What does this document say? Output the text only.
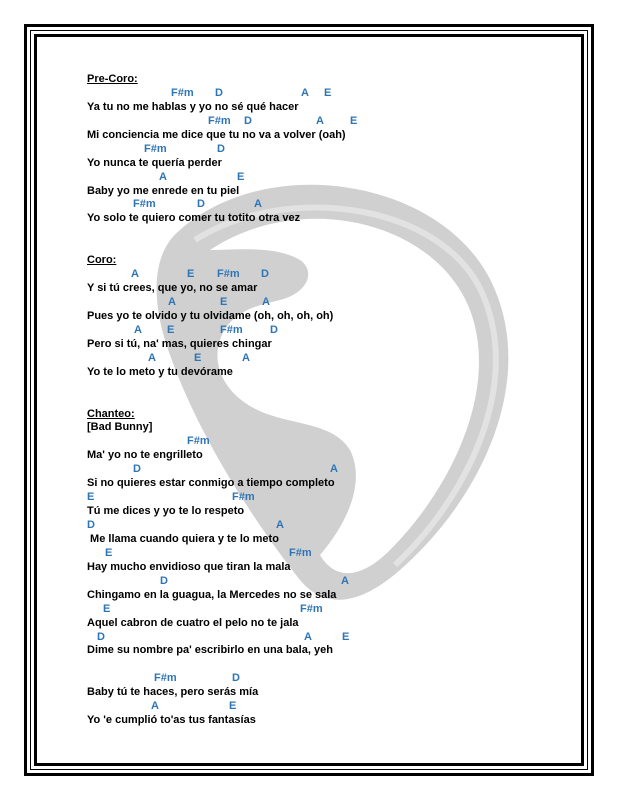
Pre-Coro:
F#m D	A E
Ya tu no me hablas y yo no sé qué hacer
F#m D	A E
Mi conciencia me dice que tu no va a volver (oah)
F#m	D
Yo nunca te quería perder
A	E
Baby yo me enrede en tu piel
F#m	D	A
Yo solo te quiero comer tu totito otra vez
Coro:
A	E F#m D
Y si tú crees, que yo, no se amar
A	E	A
Pues yo te olvido y tu olvidame (oh, oh, oh, oh)
A E	F#m D
Pero si tú, na' mas, quieres chingar
A	E	A
Yo te lo meto y tu devórame
Chanteo:
[Bad Bunny]
F#m
Ma' yo no te engrilleto
D	A
Si no quieres estar conmigo a tiempo completo
E	F#m
Tú me dices y yo te lo respeto
D	A
Me llama cuando quiera y te lo meto
E	F#m
Hay mucho envidioso que tiran la mala
D	A
Chingamo en la guagua, la Mercedes no se sala
E	F#m
Aquel cabron de cuatro el pelo no te jala
D	A	E
Dime su nombre pa' escribirlo en una bala, yeh
F#m	D
Baby tú te haces, pero serás mía
A	E
Yo 'e cumplió to'as tus fantasías
